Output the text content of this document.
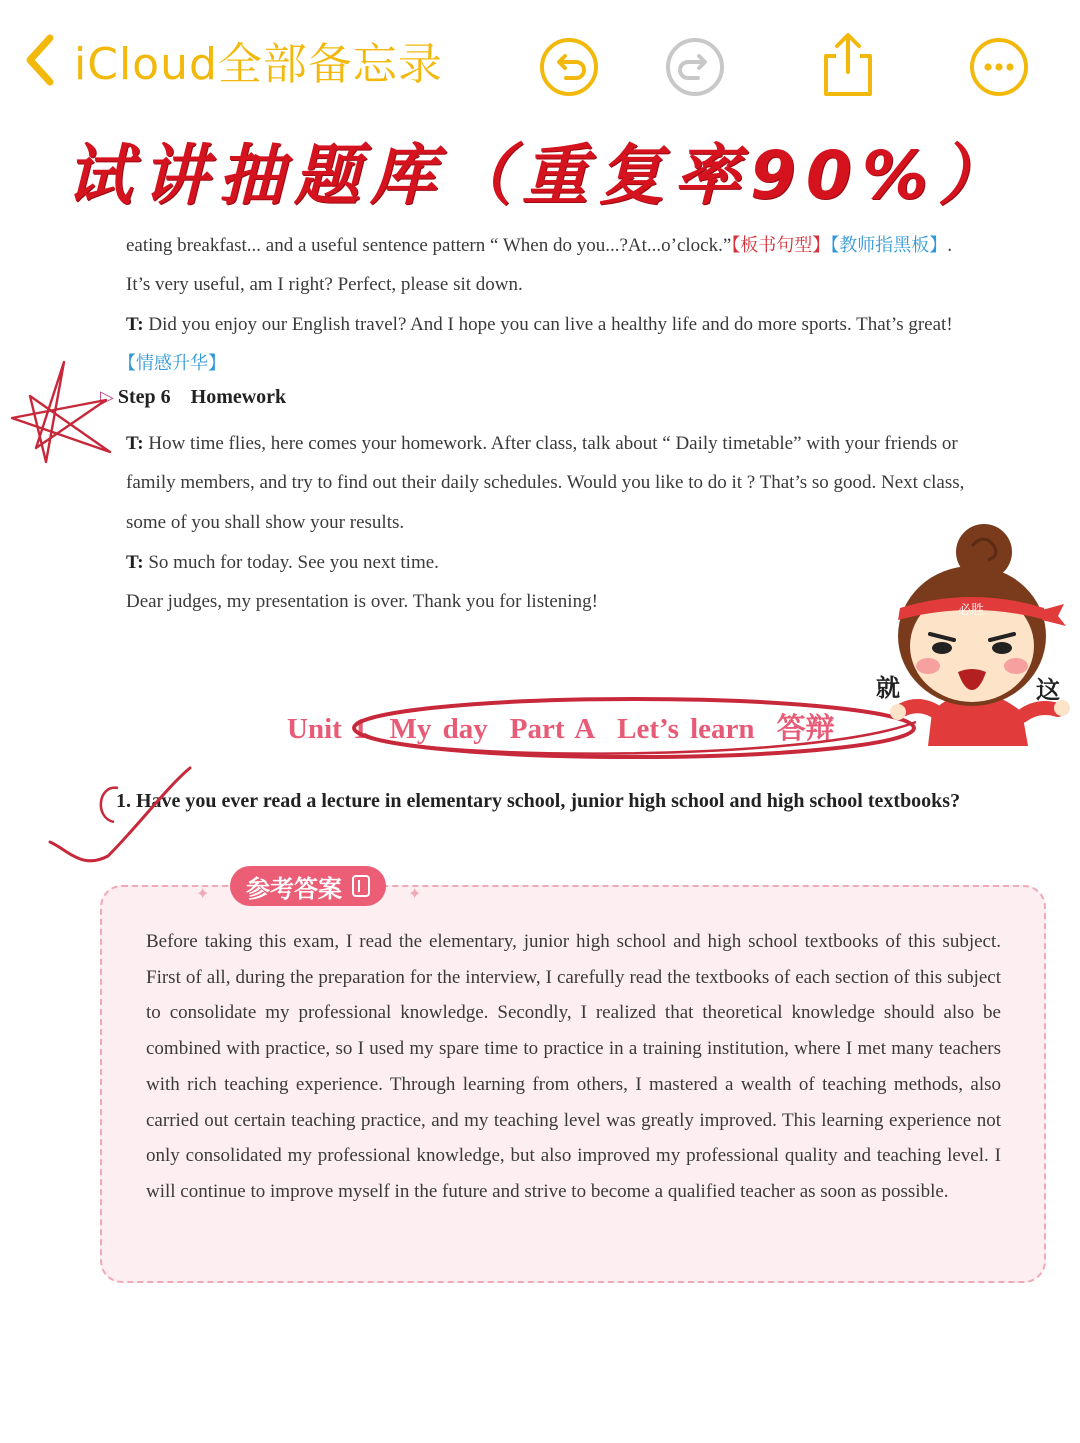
iCloud全部备忘录
试讲抽题库（重复率90%）
eating breakfast... and a useful sentence pattern “ When do you...?At...o’clock.”【板书句型】【教师指黑板】.
It’s very useful, am I right? Perfect, please sit down.
T: Did you enjoy our English travel? And I hope you can live a healthy life and do more sports. That’s great!
【情感升华】
▷ Step 6 Homework
T: How time flies, here comes your homework. After class, talk about “ Daily timetable” with your friends or
family members, and try to find out their daily schedules. Would you like to do it ? That’s so good. Next class,
some of you shall show your results.
T: So much for today. See you next time.
Dear judges, my presentation is over. Thank you for listening!
Unit 1 My day Part A Let’s learn 答辩
1. Have you ever read a lecture in elementary school, junior high school and high school textbooks?
✦	✦
参考答案
Before taking this exam, I read the elementary, junior high school and high school textbooks of this subject. First of all, during the preparation for the interview, I carefully read the textbooks of each section of this subject to consolidate my professional knowledge. Secondly, I realized that theoretical knowledge should also be combined with practice, so I used my spare time to practice in a training institution, where I met many teachers with rich teaching experience. Through learning from others, I mastered a wealth of teaching methods, also carried out certain teaching practice, and my teaching level was greatly improved. This learning experience not only consolidated my professional knowledge, but also improved my professional quality and teaching level. I will continue to improve myself in the future and strive to become a qualified teacher as soon as possible.
必胜
就	这
